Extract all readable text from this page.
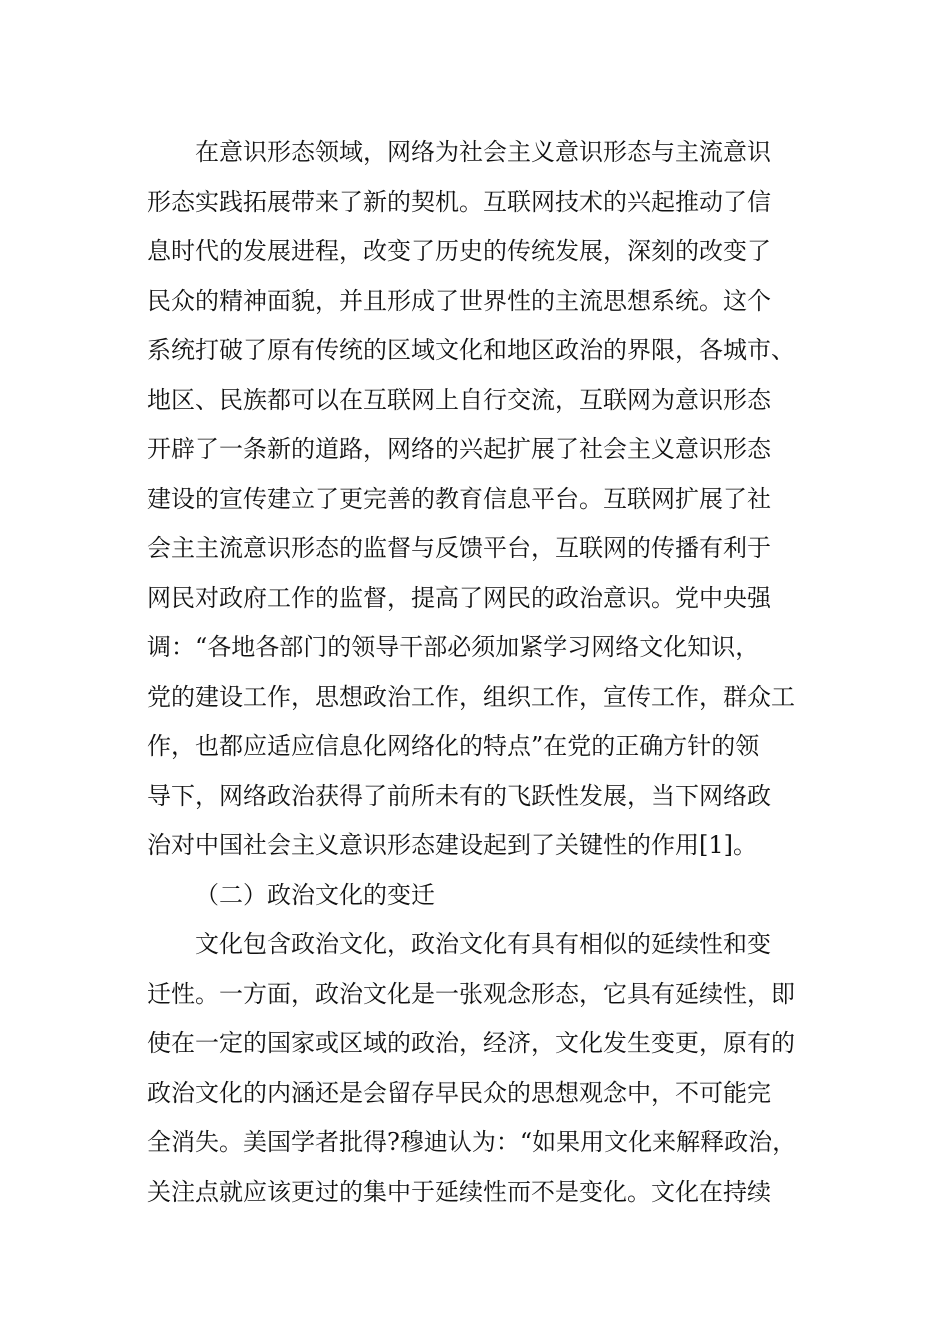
在意识形态领域，网络为社会主义意识形态与主流意识
形态实践拓展带来了新的契机。互联网技术的兴起推动了信
息时代的发展进程，改变了历史的传统发展，深刻的改变了
民众的精神面貌，并且形成了世界性的主流思想系统。这个
系统打破了原有传统的区域文化和地区政治的界限，各城市、
地区、民族都可以在互联网上自行交流，互联网为意识形态
开辟了一条新的道路，网络的兴起扩展了社会主义意识形态
建设的宣传建立了更完善的教育信息平台。互联网扩展了社
会主主流意识形态的监督与反馈平台，互联网的传播有利于
网民对政府工作的监督，提高了网民的政治意识。党中央强
调：“各地各部门的领导干部必须加紧学习网络文化知识，
党的建设工作，思想政治工作，组织工作，宣传工作，群众工
作，也都应适应信息化网络化的特点”在党的正确方针的领
导下，网络政治获得了前所未有的飞跃性发展，当下网络政
治对中国社会主义意识形态建设起到了关键性的作用[1]。
（二）政治文化的变迁
文化包含政治文化，政治文化有具有相似的延续性和变
迁性。一方面，政治文化是一张观念形态，它具有延续性，即
使在一定的国家或区域的政治，经济，文化发生变更，原有的
政治文化的内涵还是会留存早民众的思想观念中，不可能完
全消失。美国学者批得?穆迪认为：“如果用文化来解释政治，
关注点就应该更过的集中于延续性而不是变化。文化在持续
